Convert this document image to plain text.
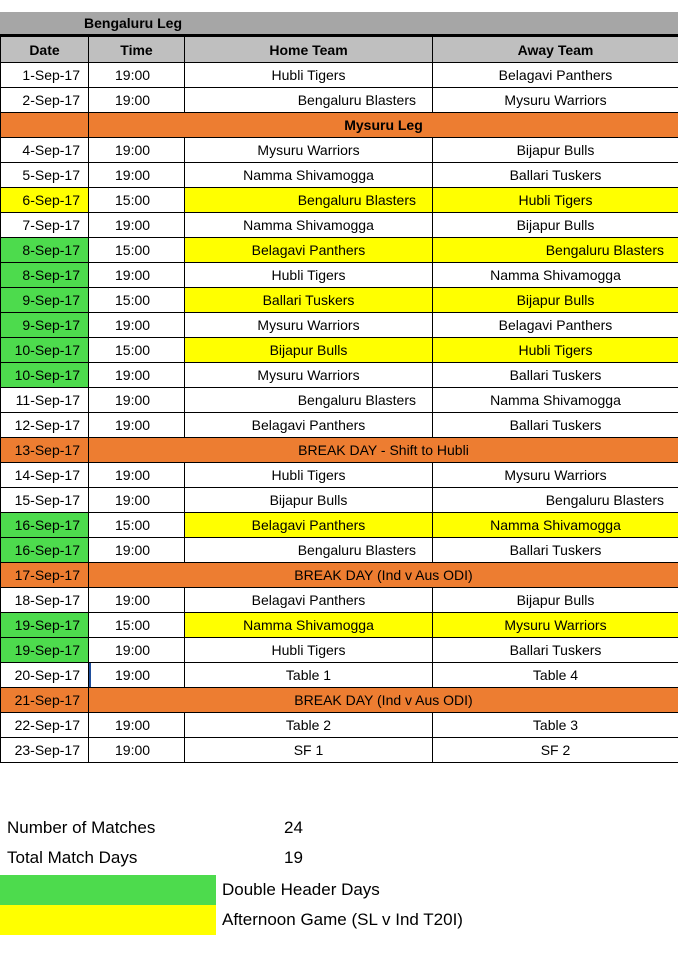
Bengaluru Leg
Date	Time	Home Team	Away Team
1-Sep-17	19:00	Hubli Tigers	Belagavi Panthers
2-Sep-17	19:00	Bengaluru Blasters	Mysuru Warriors
	Mysuru Leg		
4-Sep-17	19:00	Mysuru Warriors	Bijapur Bulls
5-Sep-17	19:00	Namma Shivamogga	Ballari Tuskers
6-Sep-17	15:00	Bengaluru Blasters	Hubli Tigers
7-Sep-17	19:00	Namma Shivamogga	Bijapur Bulls
8-Sep-17	15:00	Belagavi Panthers	Bengaluru Blasters
8-Sep-17	19:00	Hubli Tigers	Namma Shivamogga
9-Sep-17	15:00	Ballari Tuskers	Bijapur Bulls
9-Sep-17	19:00	Mysuru Warriors	Belagavi Panthers
10-Sep-17	15:00	Bijapur Bulls	Hubli Tigers
10-Sep-17	19:00	Mysuru Warriors	Ballari Tuskers
11-Sep-17	19:00	Bengaluru Blasters	Namma Shivamogga
12-Sep-17	19:00	Belagavi Panthers	Ballari Tuskers
13-Sep-17	BREAK DAY - Shift to Hubli		
14-Sep-17	19:00	Hubli Tigers	Mysuru Warriors
15-Sep-17	19:00	Bijapur Bulls	Bengaluru Blasters
16-Sep-17	15:00	Belagavi Panthers	Namma Shivamogga
16-Sep-17	19:00	Bengaluru Blasters	Ballari Tuskers
17-Sep-17	BREAK DAY (Ind v Aus ODI)		
18-Sep-17	19:00	Belagavi Panthers	Bijapur Bulls
19-Sep-17	15:00	Namma Shivamogga	Mysuru Warriors
19-Sep-17	19:00	Hubli Tigers	Ballari Tuskers
20-Sep-17	19:00	Table 1	Table 4
21-Sep-17	BREAK DAY (Ind v Aus ODI)		
22-Sep-17	19:00	Table 2	Table 3
23-Sep-17	19:00	SF 1	SF 2
Number of Matches	24
Total Match Days	19
Double Header Days
Afternoon Game (SL v Ind T20I)
